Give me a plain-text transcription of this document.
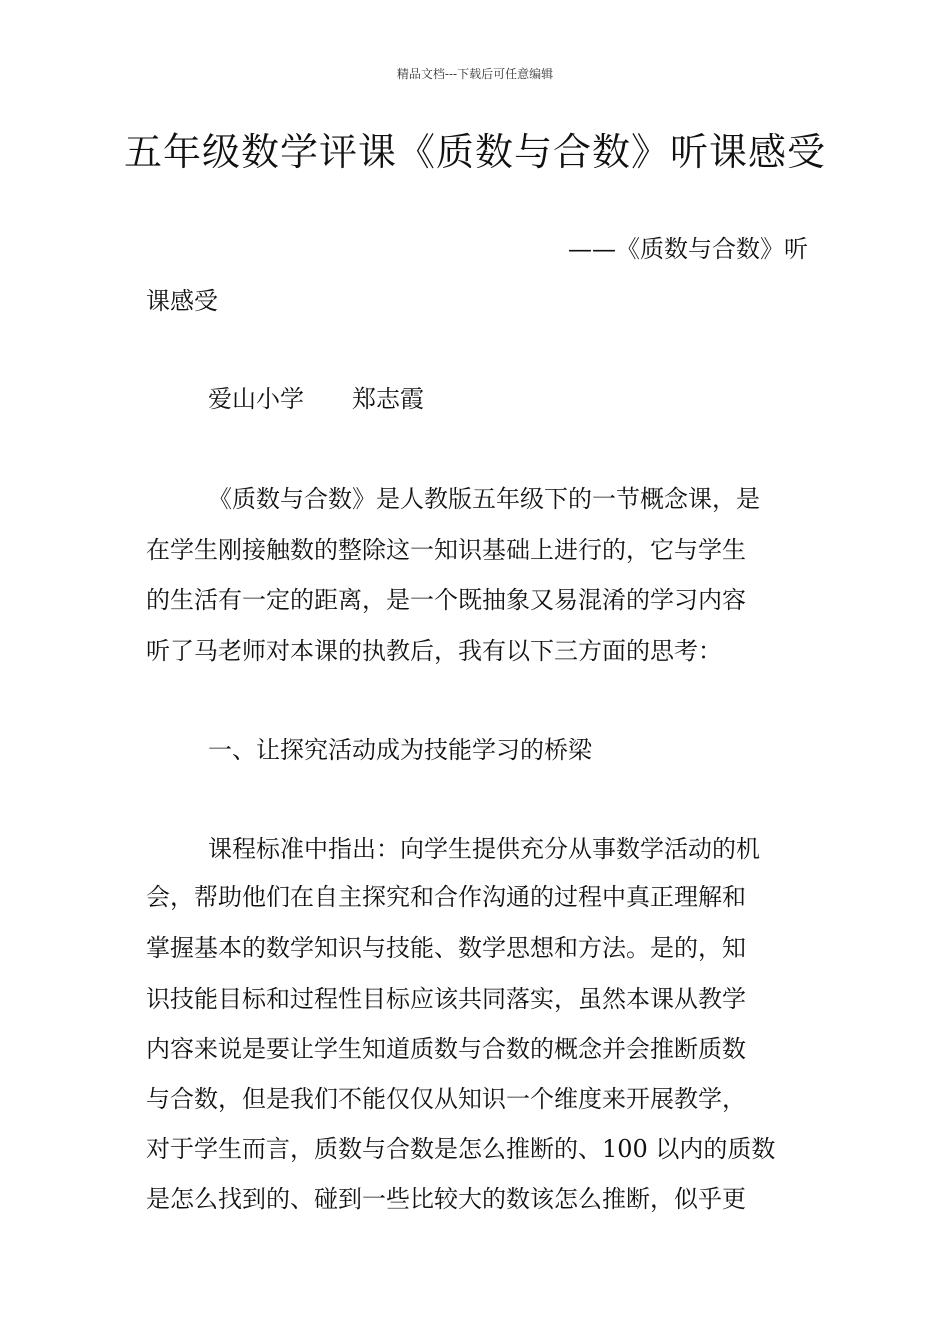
精品文档---下载后可任意编辑
五年级数学评课《质数与合数》听课感受
——《质数与合数》听
课感受
爱山小学　　郑志霞
《质数与合数》是人教版五年级下的一节概念课，是
在学生刚接触数的整除这一知识基础上进行的，它与学生
的生活有一定的距离，是一个既抽象又易混淆的学习内容
听了马老师对本课的执教后，我有以下三方面的思考：
一、让探究活动成为技能学习的桥梁
课程标准中指出：向学生提供充分从事数学活动的机
会，帮助他们在自主探究和合作沟通的过程中真正理解和
掌握基本的数学知识与技能、数学思想和方法。是的，知
识技能目标和过程性目标应该共同落实，虽然本课从教学
内容来说是要让学生知道质数与合数的概念并会推断质数
与合数，但是我们不能仅仅从知识一个维度来开展教学，
对于学生而言，质数与合数是怎么推断的、100 以内的质数
是怎么找到的、碰到一些比较大的数该怎么推断，似乎更
